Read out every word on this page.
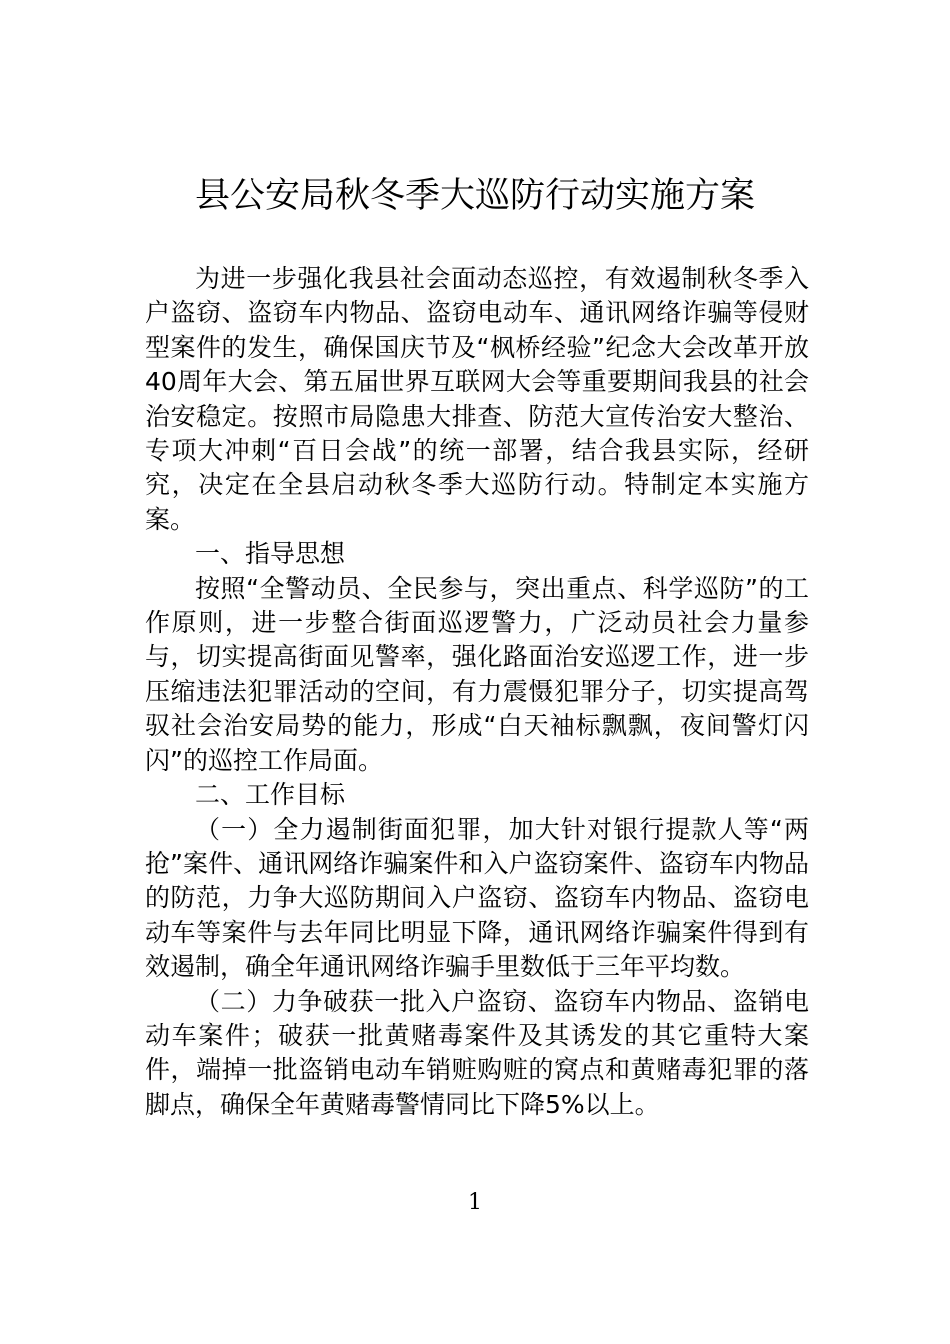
县公安局秋冬季大巡防行动实施方案

为进一步强化我县社会面动态巡控，有效遏制秋冬季入户盗窃、盗窃车内物品、盗窃电动车、通讯网络诈骗等侵财型案件的发生，确保国庆节及“枫桥经验”纪念大会改革开放40周年大会、第五届世界互联网大会等重要期间我县的社会治安稳定。按照市局隐患大排查、防范大宣传治安大整治、专项大冲刺“百日会战”的统一部署，结合我县实际，经研究，决定在全县启动秋冬季大巡防行动。特制定本实施方案。

一、指导思想

按照“全警动员、全民参与，突出重点、科学巡防”的工作原则，进一步整合街面巡逻警力，广泛动员社会力量参与，切实提高街面见警率，强化路面治安巡逻工作，进一步压缩违法犯罪活动的空间，有力震慑犯罪分子，切实提高驾驭社会治安局势的能力，形成“白天袖标飘飘，夜间警灯闪闪”的巡控工作局面。

二、工作目标

（一）全力遏制街面犯罪，加大针对银行提款人等“两抢”案件、通讯网络诈骗案件和入户盗窃案件、盗窃车内物品的防范，力争大巡防期间入户盗窃、盗窃车内物品、盗窃电动车等案件与去年同比明显下降，通讯网络诈骗案件得到有效遏制，确全年通讯网络诈骗手里数低于三年平均数。

（二）力争破获一批入户盗窃、盗窃车内物品、盗销电动车案件；破获一批黄赌毒案件及其诱发的其它重特大案件，端掉一批盗销电动车销赃购赃的窝点和黄赌毒犯罪的落脚点，确保全年黄赌毒警情同比下降5%以上。

1
